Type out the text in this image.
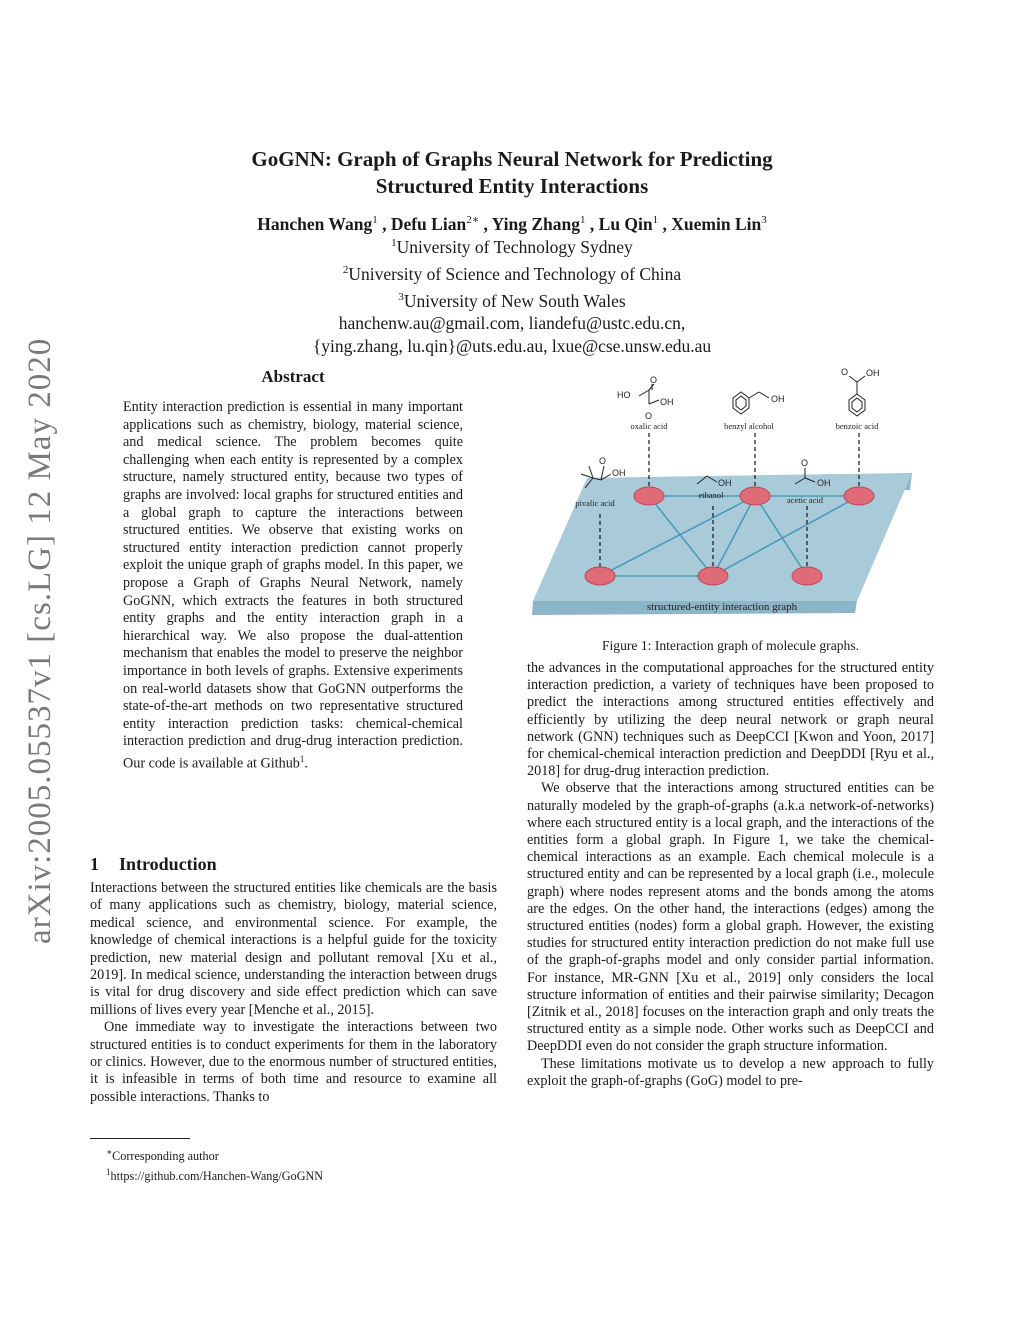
arXiv:2005.05537v1 [cs.LG] 12 May 2020
GoGNN: Graph of Graphs Neural Network for Predicting
Structured Entity Interactions
Hanchen Wang$^1$ , Defu Lian$^{2∗}$ , Ying Zhang$^1$ , Lu Qin$^1$ , Xuemin Lin$^3$
$^1$University of Technology Sydney
$^2$University of Science and Technology of China
$^3$University of New South Wales
hanchenw.au@gmail.com, liandefu@ustc.edu.cn,
{ying.zhang, lu.qin}@uts.edu.au, lxue@cse.unsw.edu.au
Abstract
Entity interaction prediction is essential in many important applications such as chemistry, biology, material science, and medical science. The problem becomes quite challenging when each entity is represented by a complex structure, namely structured entity, because two types of graphs are involved: local graphs for structured entities and a global graph to capture the interactions between structured entities. We observe that existing works on structured entity interaction prediction cannot properly exploit the unique graph of graphs model. In this paper, we propose a Graph of Graphs Neural Network, namely GoGNN, which extracts the features in both structured entity graphs and the entity interaction graph in a hierarchical way. We also propose the dual-attention mechanism that enables the model to preserve the neighbor importance in both levels of graphs. Extensive experiments on real-world datasets show that GoGNN outperforms the state-of-the-art methods on two representative structured entity interaction prediction tasks: chemical-chemical interaction prediction and drug-drug interaction prediction. Our code is available at Github$^1$.
1 Introduction

Interactions between the structured entities like chemicals are the basis of many applications such as chemistry, biology, material science, medical science, and environmental science. For example, the knowledge of chemical interactions is a helpful guide for the toxicity prediction, new material design and pollutant removal [Xu et al., 2019]. In medical science, understanding the interaction between drugs is vital for drug discovery and side effect prediction which can save millions of lives every year [Menche et al., 2015].

One immediate way to investigate the interactions between two structured entities is to conduct experiments for them in the laboratory or clinics. However, due to the enormous number of structured entities, it is infeasible in terms of both time and resource to examine all possible interactions. Thanks to

∗Corresponding author
$^1$https://github.com/Hanchen-Wang/GoGNN
structured-entity interaction graph
HO
O
OH
O
oxalic acid
OH
benzyl alcohol
O OH
benzoic acid
O
OH
pivalic acid
OH
ethanol
O
OH
acetic acid
Figure 1: Interaction graph of molecule graphs.

the advances in the computational approaches for the structured entity interaction prediction, a variety of techniques have been proposed to predict the interactions among structured entities effectively and efficiently by utilizing the deep neural network or graph neural network (GNN) techniques such as DeepCCI [Kwon and Yoon, 2017] for chemical-chemical interaction prediction and DeepDDI [Ryu et al., 2018] for drug-drug interaction prediction.

We observe that the interactions among structured entities can be naturally modeled by the graph-of-graphs (a.k.a network-of-networks) where each structured entity is a local graph, and the interactions of the entities form a global graph. In Figure 1, we take the chemical-chemical interactions as an example. Each chemical molecule is a structured entity and can be represented by a local graph (i.e., molecule graph) where nodes represent atoms and the bonds among the atoms are the edges. On the other hand, the interactions (edges) among the structured entities (nodes) form a global graph. However, the existing studies for structured entity interaction prediction do not make full use of the graph-of-graphs model and only consider partial information. For instance, MR-GNN [Xu et al., 2019] only considers the local structure information of entities and their pairwise similarity; Decagon [Zitnik et al., 2018] focuses on the interaction graph and only treats the structured entity as a simple node. Other works such as DeepCCI and DeepDDI even do not consider the graph structure information.

These limitations motivate us to develop a new approach to fully exploit the graph-of-graphs (GoG) model to pre-
